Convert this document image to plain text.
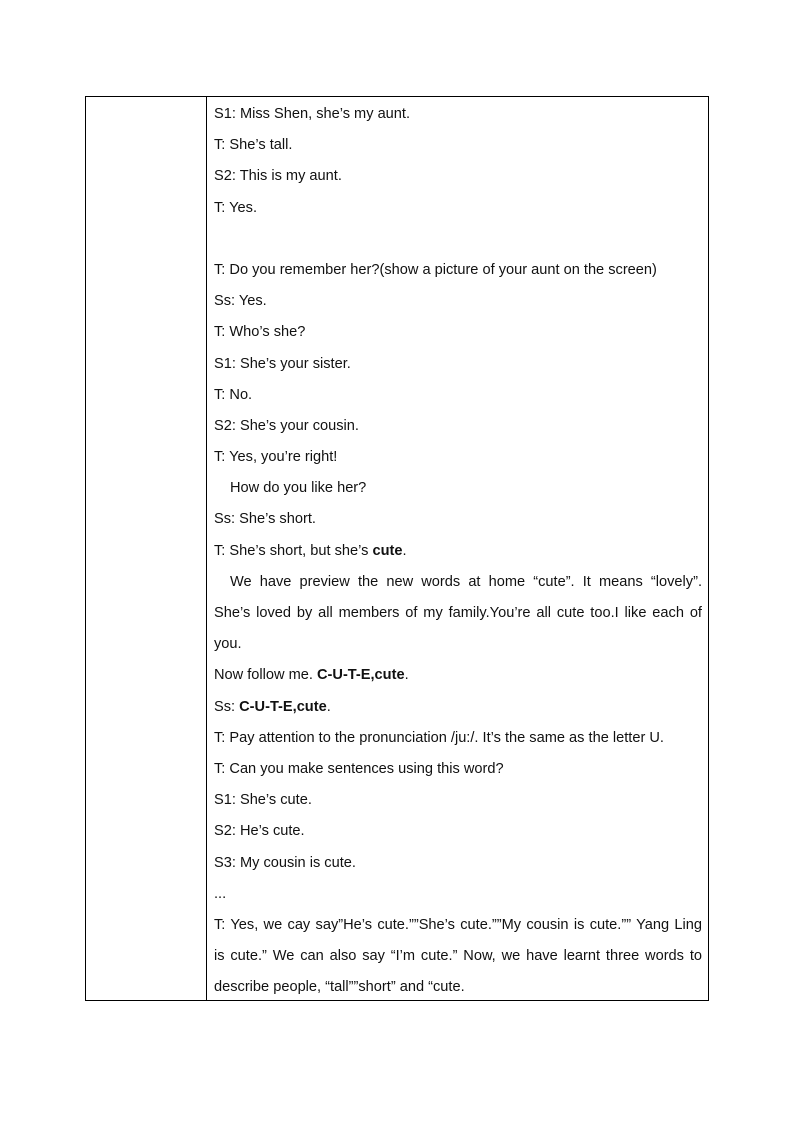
S1: Miss Shen, she’s my aunt.
T: She’s tall.
S2: This is my aunt.
T: Yes.
T: Do you remember her?(show a picture of your aunt on the screen)
Ss: Yes.
T: Who’s she?
S1: She’s your sister.
T: No.
S2: She’s your cousin.
T: Yes, you’re right!
How do you like her?
Ss: She’s short.
T: She’s short, but she’s cute.
We have preview the new words at home “cute”. It means “lovely”.
She’s loved by all members of my family.You’re all cute too.I like each of
you.
Now follow me. C-U-T-E,cute.
Ss: C-U-T-E,cute.
T: Pay attention to the pronunciation /ju:/. It’s the same as the letter U.
T: Can you make sentences using this word?
S1: She’s cute.
S2: He’s cute.
S3: My cousin is cute.
...
T: Yes, we cay say”He’s cute.””She’s cute.””My cousin is cute.”” Yang Ling
is cute.” We can also say “I’m cute.” Now, we have learnt three words to
describe people, “tall””short” and “cute.
